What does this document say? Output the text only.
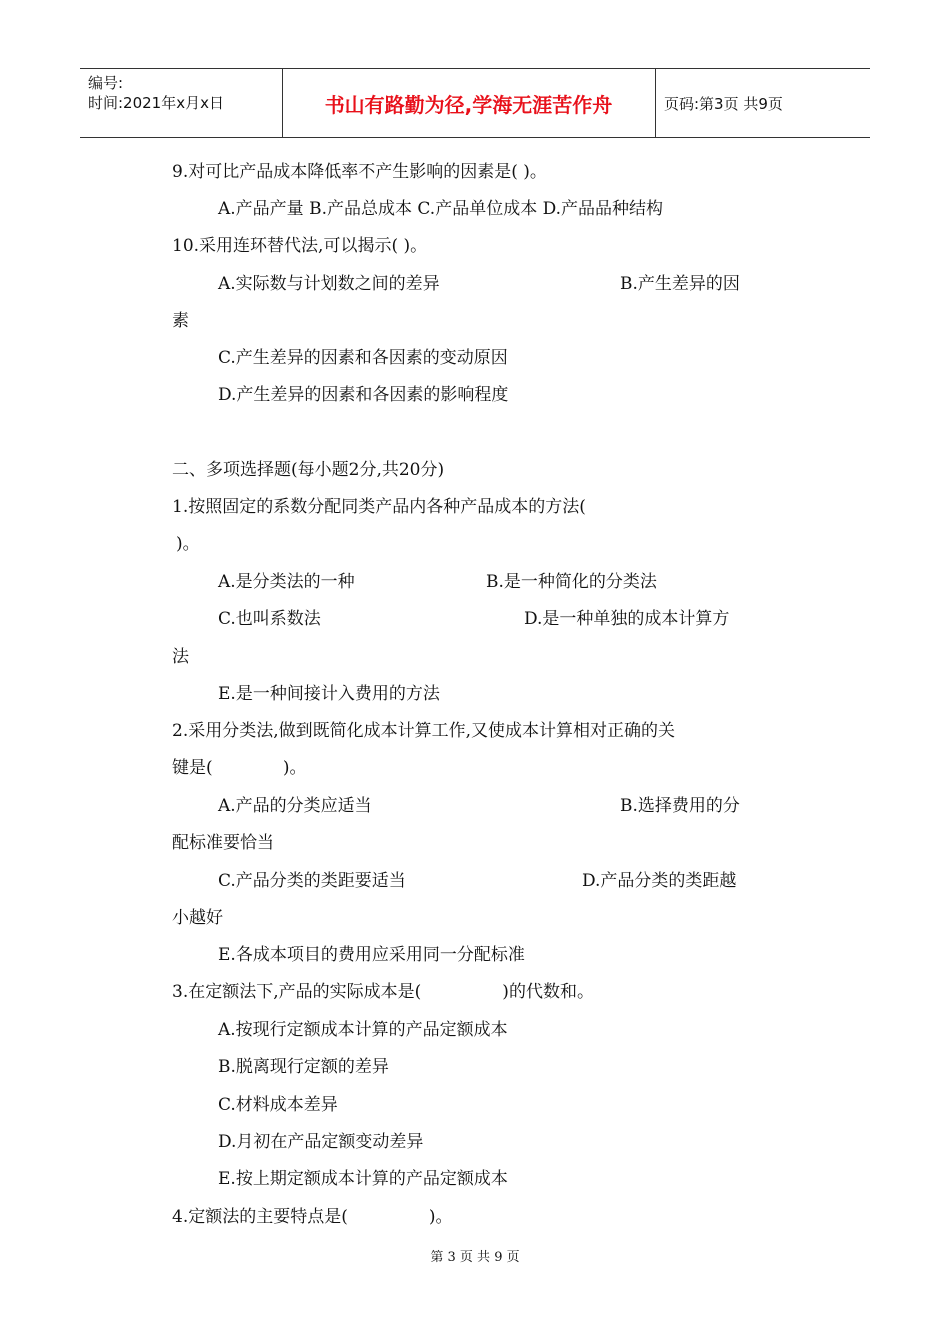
编号:
时间:2021年x月x日	书山有路勤为径,学海无涯苦作舟	页码:第3页 共9页
9.对可比产品成本降低率不产生影响的因素是( )。
A.产品产量 B.产品总成本 C.产品单位成本 D.产品品种结构
10.采用连环替代法,可以揭示( )。
A.实际数与计划数之间的差异	B.产生差异的因
素
C.产生差异的因素和各因素的变动原因
D.产生差异的因素和各因素的影响程度
二、多项选择题(每小题2分,共20分)
1.按照固定的系数分配同类产品内各种产品成本的方法(
)。
A.是分类法的一种	B.是一种简化的分类法
C.也叫系数法	D.是一种单独的成本计算方
法
E.是一种间接计入费用的方法
2.采用分类法,做到既简化成本计算工作,又使成本计算相对正确的关
键是(             )。
A.产品的分类应适当	B.选择费用的分
配标准要恰当
C.产品分类的类距要适当	D.产品分类的类距越
小越好
E.各成本项目的费用应采用同一分配标准
3.在定额法下,产品的实际成本是(               )的代数和。
A.按现行定额成本计算的产品定额成本
B.脱离现行定额的差异
C.材料成本差异
D.月初在产品定额变动差异
E.按上期定额成本计算的产品定额成本
4.定额法的主要特点是(               )。
第 3 页 共 9 页
